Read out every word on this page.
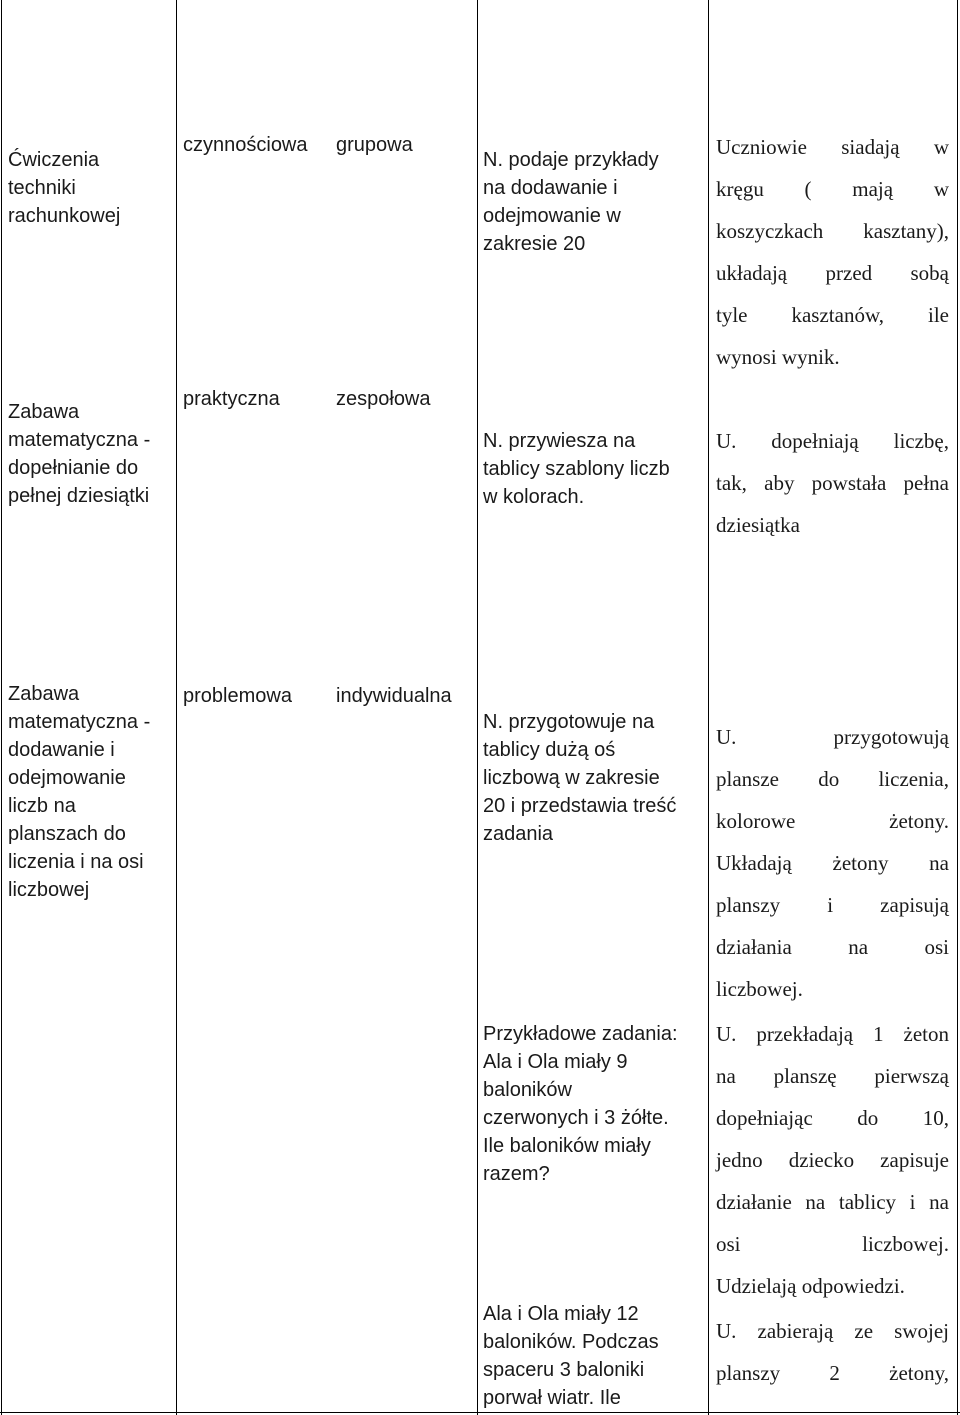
Ćwiczenia
techniki
rachunkowej
czynnościowa grupowa
N. podaje przykłady
na dodawanie i
odejmowanie w
zakresie 20
Uczniowie siadają w
kręgu ( mają w
koszyczkach kasztany),
układają przed sobą
tyle kasztanów, ile
wynosi wynik.
Zabawa
matematyczna -
dopełnianie do
pełnej dziesiątki
praktyczna	zespołowa
N. przywiesza na
tablicy szablony liczb
w kolorach.
U. dopełniają liczbę,
tak, aby powstała pełna
dziesiątka
Zabawa
matematyczna -
dodawanie i
odejmowanie
liczb na
planszach do
liczenia i na osi
liczbowej
problemowa indywidualna
N. przygotowuje na
tablicy dużą oś
liczbową w zakresie
20 i przedstawia treść
zadania
Przykładowe zadania:
Ala i Ola miały 9
baloników
czerwonych i 3 żółte.
Ile baloników miały
razem?
Ala i Ola miały 12
baloników. Podczas
spaceru 3 baloniki
porwał wiatr. Ile
U. przygotowują
plansze do liczenia,
kolorowe żetony.
Układają żetony na
planszy i zapisują
działania na osi
liczbowej.
U. przekładają 1 żeton
na planszę pierwszą
dopełniając do 10,
jedno dziecko zapisuje
działanie na tablicy i na
osi liczbowej.
Udzielają odpowiedzi.
U. zabierają ze swojej
planszy 2 żetony,
